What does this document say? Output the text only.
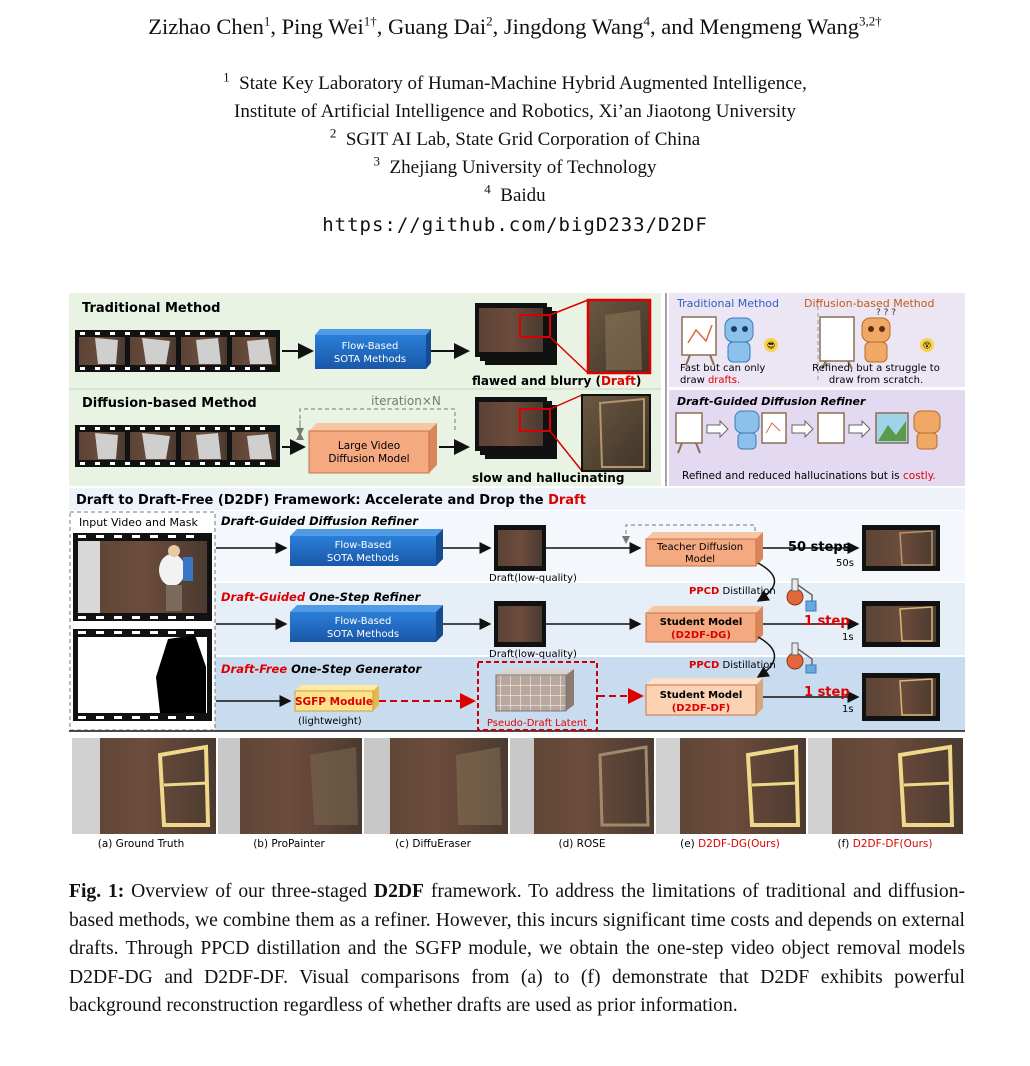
Zizhao Chen$^1$, Ping Wei$^{1\dagger}$, Guang Dai$^2$, Jingdong Wang$^4$, and Mengmeng Wang$^{3,2\dagger}$
$^1$ State Key Laboratory of Human-Machine Hybrid Augmented Intelligence,
Institute of Artificial Intelligence and Robotics, Xi’an Jiaotong University
$^2$ SGIT AI Lab, State Grid Corporation of China
$^3$ Zhejiang University of Technology
$^4$ Baidu
https://github.com/bigD233/D2DF
Traditional Method
Flow-Based
SOTA Methods
flawed and blurry (Draft)
Diffusion-based Method	iteration×N
Large Video
Diffusion Model
slow and hallucinating
Traditional Method Diffusion-based Method
😎
? ? ?
😵
Fast but can only
draw drafts.
Refined, but a struggle to
draw from scratch.
Draft-Guided Diffusion Refiner
Refined and reduced hallucinations but is costly.
Draft to Draft-Free (D2DF) Framework: Accelerate and Drop the Draft
Input Video and Mask Draft-Guided Diffusion Refiner
Flow-Based
SOTA Methods
Draft(low-quality)
Teacher Diffusion
Model
50 steps
50s
PPCD Distillation
Draft-Guided One-Step Refiner
Flow-Based
SOTA Methods
Draft(low-quality)
Student Model
(D2DF-DG)
1 step
1s
PPCD Distillation
Draft-Free One-Step Generator
SGFP Module
(lightweight)	Pseudo-Draft Latent
Student Model
(D2DF-DF)
1 step
1s
(a) Ground Truth	(b) ProPainter	(c) DiffuEraser	(d) ROSE	(e) D2DF-DG(Ours)	(f) D2DF-DF(Ours)
Fig. 1: Overview of our three-staged D2DF framework. To address the limitations of traditional and diffusion-based methods, we combine them as a refiner. However, this incurs significant time costs and depends on external drafts. Through PPCD distillation and the SGFP module, we obtain the one-step video object removal models D2DF-DG and D2DF-DF. Visual comparisons from (a) to (f) demonstrate that D2DF exhibits powerful background reconstruction regardless of whether drafts are used as prior information.
